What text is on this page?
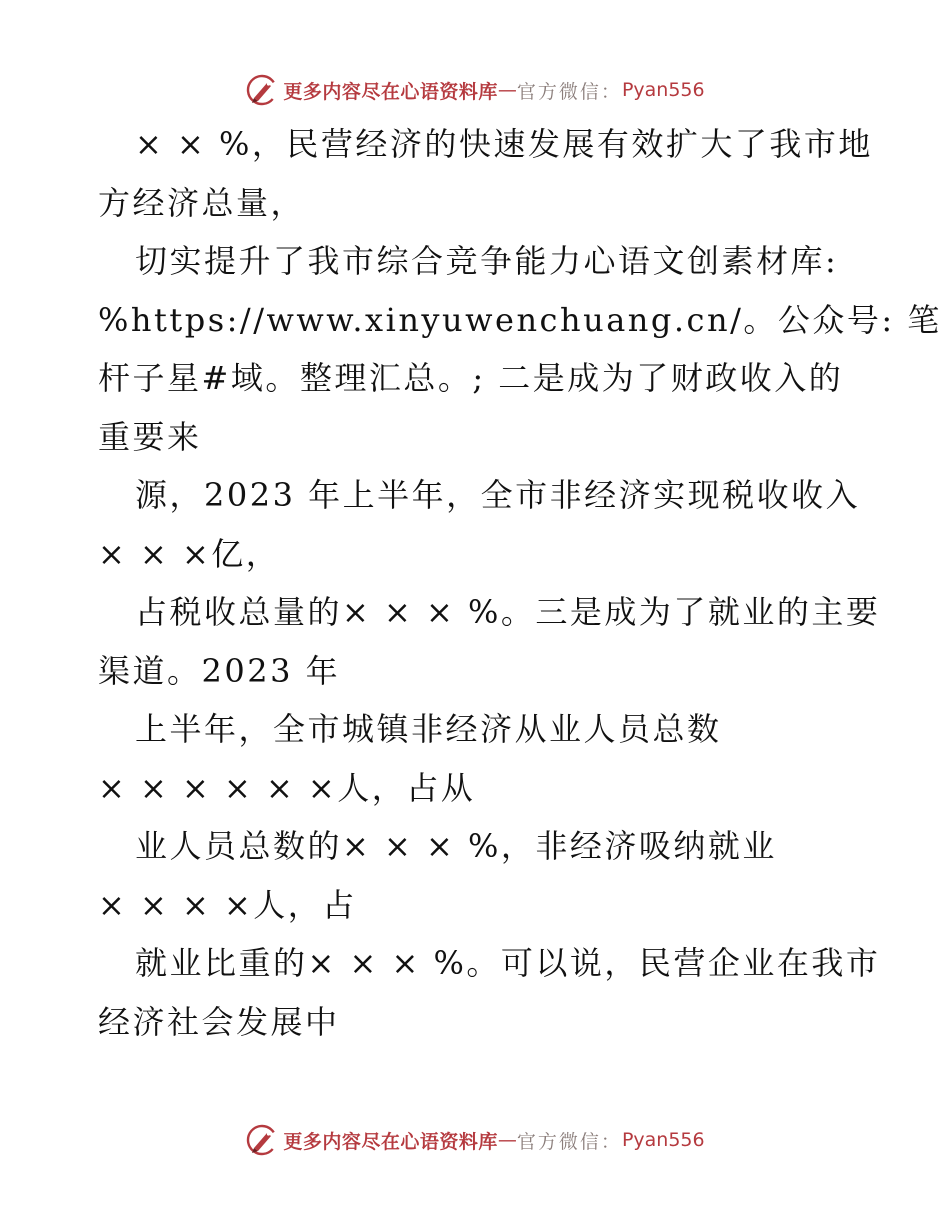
更多内容尽在心语资料库 — 官方微信： Pyan556
× × %，民营经济的快速发展有效扩大了我市地
方经济总量，
切实提升了我市综合竞争能力心语文创素材库:
%https://www.xinyuwenchuang.cn/。公众号: 笔
杆子星#域。整理汇总。; 二是成为了财政收入的
重要来
源，2023 年上半年，全市非经济实现税收收入
× × ×亿，
占税收总量的× × × %。三是成为了就业的主要
渠道。2023 年
上半年，全市城镇非经济从业人员总数
× × × × × ×人，占从
业人员总数的× × × %，非经济吸纳就业
× × × ×人，占
就业比重的× × × %。可以说，民营企业在我市
经济社会发展中
更多内容尽在心语资料库 — 官方微信： Pyan556
